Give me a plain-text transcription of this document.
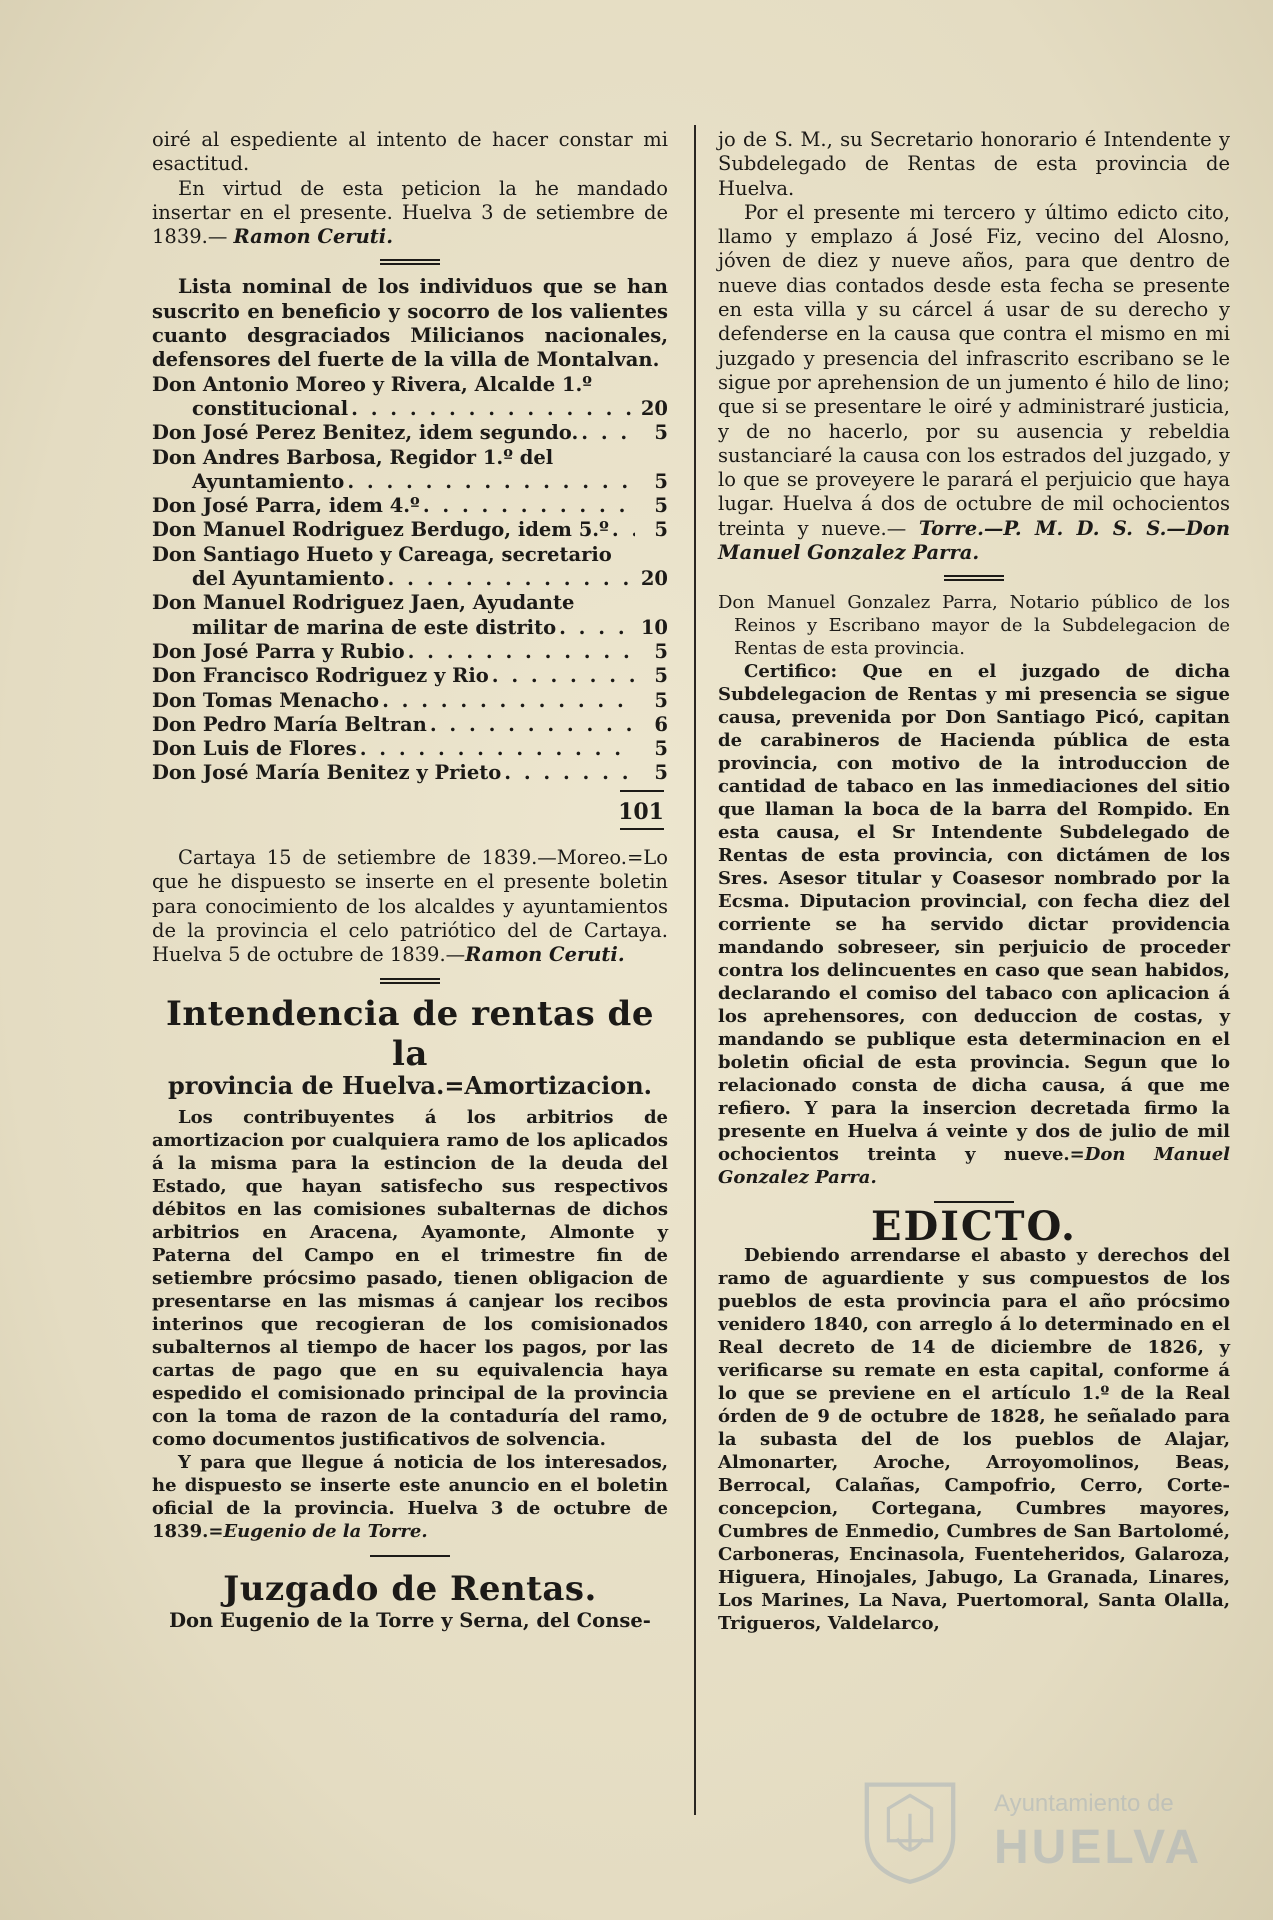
oiré al espediente al intento de hacer constar mi esactitud.

En virtud de esta peticion la he mandado insertar en el presente. Huelva 3 de setiembre de 1839.— Ramon Ceruti.

Lista nominal de los individuos que se han suscrito en beneficio y socorro de los valientes cuanto desgraciados Milicianos nacionales, defensores del fuerte de la villa de Montalvan.

Don Antonio Moreo y Rivera, Alcalde 1.º
constitucional . . .	20
Don José Perez Benitez, idem segundo. . . .	5
Don Andres Barbosa, Regidor 1.º del
Ayuntamiento . . .	5
Don José Parra, idem 4.º . . .	5
Don Manuel Rodriguez Berdugo, idem 5.º . . .	5
Don Santiago Hueto y Careaga, secretario
del Ayuntamiento . . .	20
Don Manuel Rodriguez Jaen, Ayudante
militar de marina de este distrito . . .	10
Don José Parra y Rubio . . .	5
Don Francisco Rodriguez y Rio . . .	5
Don Tomas Menacho . . .	5
Don Pedro María Beltran . . .	6
Don Luis de Flores . . .	5
Don José María Benitez y Prieto . . .	5
101

Cartaya 15 de setiembre de 1839.—Moreo.=Lo que he dispuesto se inserte en el presente boletin para conocimiento de los alcaldes y ayuntamientos de la provincia el celo patriótico del de Cartaya. Huelva 5 de octubre de 1839.—Ramon Ceruti.

Intendencia de rentas de la
provincia de Huelva.=Amortizacion.

Los contribuyentes á los arbitrios de amortizacion por cualquiera ramo de los aplicados á la misma para la estincion de la deuda del Estado, que hayan satisfecho sus respectivos débitos en las comisiones subalternas de dichos arbitrios en Aracena, Ayamonte, Almonte y Paterna del Campo en el trimestre fin de setiembre prócsimo pasado, tienen obligacion de presentarse en las mismas á canjear los recibos interinos que recogieran de los comisionados subalternos al tiempo de hacer los pagos, por las cartas de pago que en su equivalencia haya espedido el comisionado principal de la provincia con la toma de razon de la contaduría del ramo, como documentos justificativos de solvencia.

Y para que llegue á noticia de los interesados, he dispuesto se inserte este anuncio en el boletin oficial de la provincia. Huelva 3 de octubre de 1839.=Eugenio de la Torre.

Juzgado de Rentas.

Don Eugenio de la Torre y Serna, del Conse-

jo de S. M., su Secretario honorario é Intendente y Subdelegado de Rentas de esta provincia de Huelva.

Por el presente mi tercero y último edicto cito, llamo y emplazo á José Fiz, vecino del Alosno, jóven de diez y nueve años, para que dentro de nueve dias contados desde esta fecha se presente en esta villa y su cárcel á usar de su derecho y defenderse en la causa que contra el mismo en mi juzgado y presencia del infrascrito escribano se le sigue por aprehension de un jumento é hilo de lino; que si se presentare le oiré y administraré justicia, y de no hacerlo, por su ausencia y rebeldia sustanciaré la causa con los estrados del juzgado, y lo que se proveyere le parará el perjuicio que haya lugar. Huelva á dos de octubre de mil ochocientos treinta y nueve.— Torre.—P. M. D. S. S.—Don Manuel Gonzalez Parra.

Don Manuel Gonzalez Parra, Notario público de los Reinos y Escribano mayor de la Subdelegacion de Rentas de esta provincia.

Certifico: Que en el juzgado de dicha Subdelegacion de Rentas y mi presencia se sigue causa, prevenida por Don Santiago Picó, capitan de carabineros de Hacienda pública de esta provincia, con motivo de la introduccion de cantidad de tabaco en las inmediaciones del sitio que llaman la boca de la barra del Rompido. En esta causa, el Sr Intendente Subdelegado de Rentas de esta provincia, con dictámen de los Sres. Asesor titular y Coasesor nombrado por la Ecsma. Diputacion provincial, con fecha diez del corriente se ha servido dictar providencia mandando sobreseer, sin perjuicio de proceder contra los delincuentes en caso que sean habidos, declarando el comiso del tabaco con aplicacion á los aprehensores, con deduccion de costas, y mandando se publique esta determinacion en el boletin oficial de esta provincia. Segun que lo relacionado consta de dicha causa, á que me refiero. Y para la insercion decretada firmo la presente en Huelva á veinte y dos de julio de mil ochocientos treinta y nueve.=Don Manuel Gonzalez Parra.

EDICTO.

Debiendo arrendarse el abasto y derechos del ramo de aguardiente y sus compuestos de los pueblos de esta provincia para el año prócsimo venidero 1840, con arreglo á lo determinado en el Real decreto de 14 de diciembre de 1826, y verificarse su remate en esta capital, conforme á lo que se previene en el artículo 1.º de la Real órden de 9 de octubre de 1828, he señalado para la subasta del de los pueblos de Alajar, Almonarter, Aroche, Arroyomolinos, Beas, Berrocal, Calañas, Campofrio, Cerro, Corte-concepcion, Cortegana, Cumbres mayores, Cumbres de Enmedio, Cumbres de San Bartolomé, Carboneras, Encinasola, Fuenteheridos, Galaroza, Higuera, Hinojales, Jabugo, La Granada, Linares, Los Marines, La Nava, Puertomoral, Santa Olalla, Trigueros, Valdelarco,

Ayuntamiento de
HUELVA
